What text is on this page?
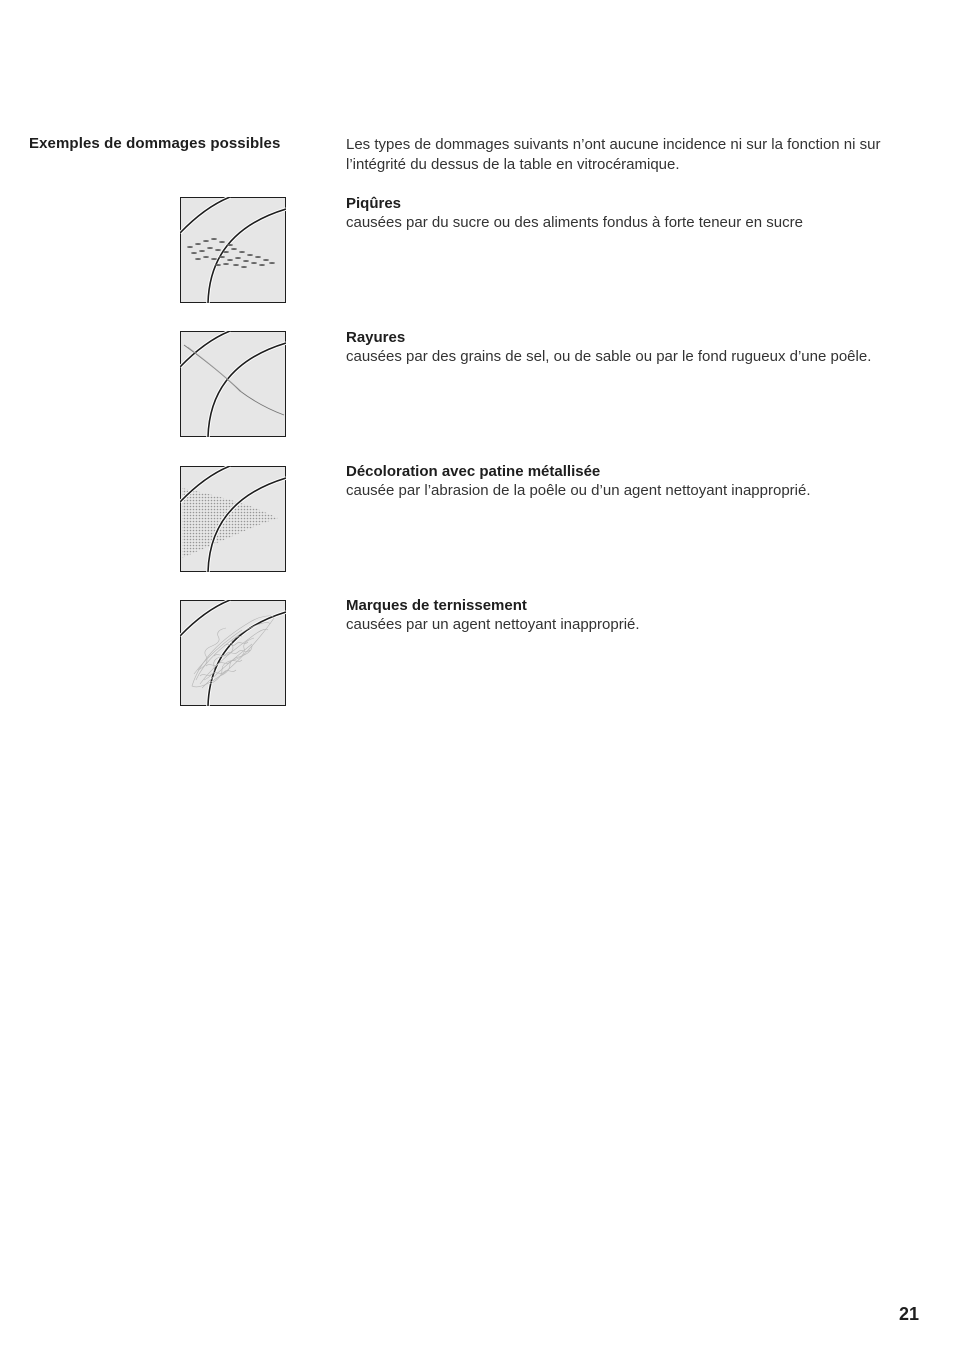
Exemples de dommages possibles	Les types de dommages suivants n’ont aucune incidence ni sur la fonction ni sur l’intégrité du dessus de la table en vitrocéramique.
Piqûres
causées par du sucre ou des aliments fondus à forte teneur en sucre
Rayures
causées par des grains de sel, ou de sable ou par le fond rugueux d’une poêle.
Décoloration avec patine métallisée
causée par l’abrasion de la poêle ou d’un agent nettoyant inapproprié.
Marques de ternissement
causées par un agent nettoyant inapproprié.
21
